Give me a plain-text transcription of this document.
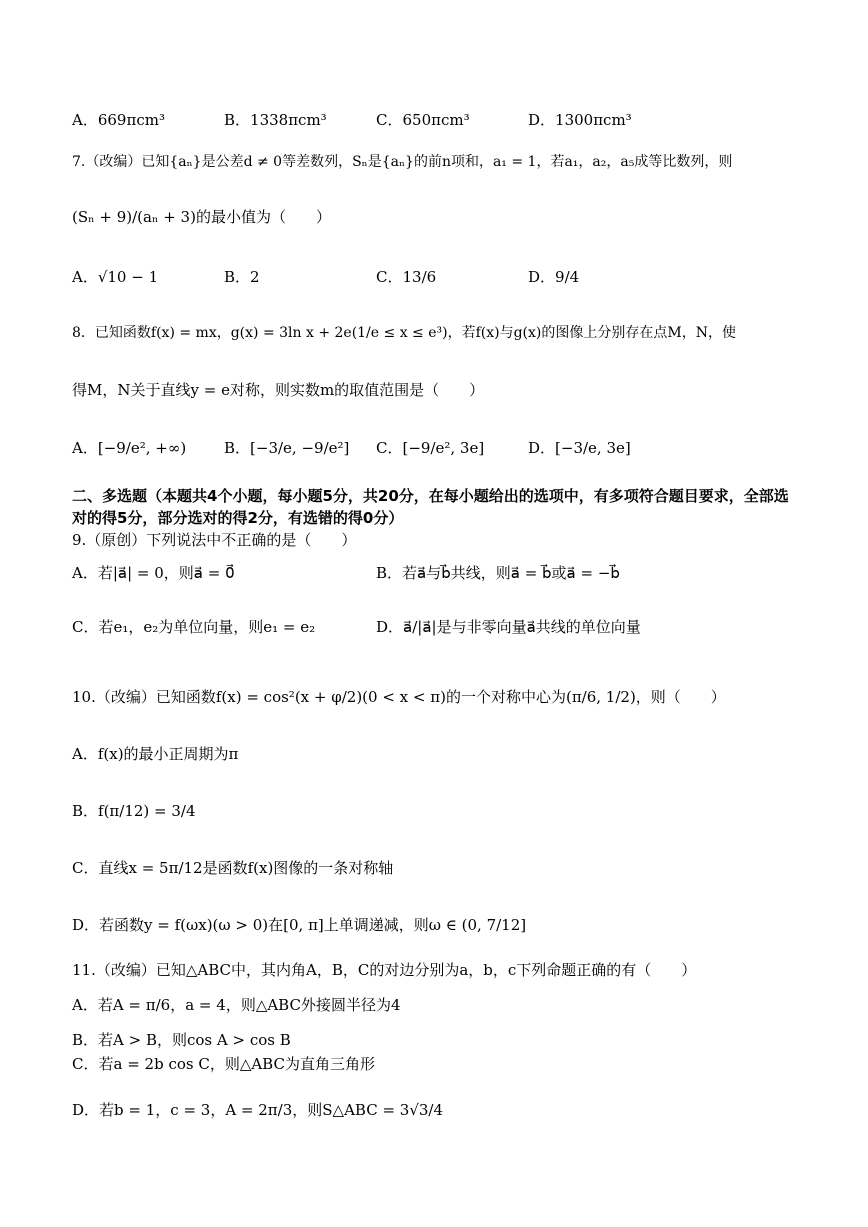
A．669πcm³	B．1338πcm³	C．650πcm³	D．1300πcm³
7.（改编）已知{aₙ}是公差d ≠ 0等差数列，Sₙ是{aₙ}的前n项和，a₁ = 1，若a₁，a₂，a₅成等比数列，则
(Sₙ + 9)/(aₙ + 3)的最小值为（　　）
A．√10 − 1	B．2	C．13/6	D．9/4
8．已知函数f(x) = mx，g(x) = 3ln x + 2e(1/e ≤ x ≤ e³)，若f(x)与g(x)的图像上分别存在点M，N，使
得M，N关于直线y = e对称，则实数m的取值范围是（　　）
A．[−9/e², +∞)	B．[−3/e, −9/e²] C．[−9/e², 3e]	D．[−3/e, 3e]
二、多选题（本题共4个小题，每小题5分，共20分，在每小题给出的选项中，有多项符合题目要求，全部选对的得5分，部分选对的得2分，有选错的得0分）
9.（原创）下列说法中不正确的是（　　）
A．若|a⃗| = 0，则a⃗ = 0⃗	B．若a⃗与b⃗共线，则a⃗ = b⃗或a⃗ = −b⃗
C．若e₁，e₂为单位向量，则e₁ = e₂	D．a⃗/|a⃗|是与非零向量a⃗共线的单位向量
10.（改编）已知函数f(x) = cos²(x + φ/2)(0 < x < π)的一个对称中心为(π/6, 1/2)，则（　　）
A．f(x)的最小正周期为π
B．f(π/12) = 3/4
C．直线x = 5π/12是函数f(x)图像的一条对称轴
D．若函数y = f(ωx)(ω > 0)在[0, π]上单调递减，则ω ∈ (0, 7/12]
11.（改编）已知△ABC中，其内角A，B，C的对边分别为a，b，c下列命题正确的有（　　）
A．若A = π/6，a = 4，则△ABC外接圆半径为4
B．若A > B，则cos A > cos B
C．若a = 2b cos C，则△ABC为直角三角形
D．若b = 1，c = 3，A = 2π/3，则S△ABC = 3√3/4
